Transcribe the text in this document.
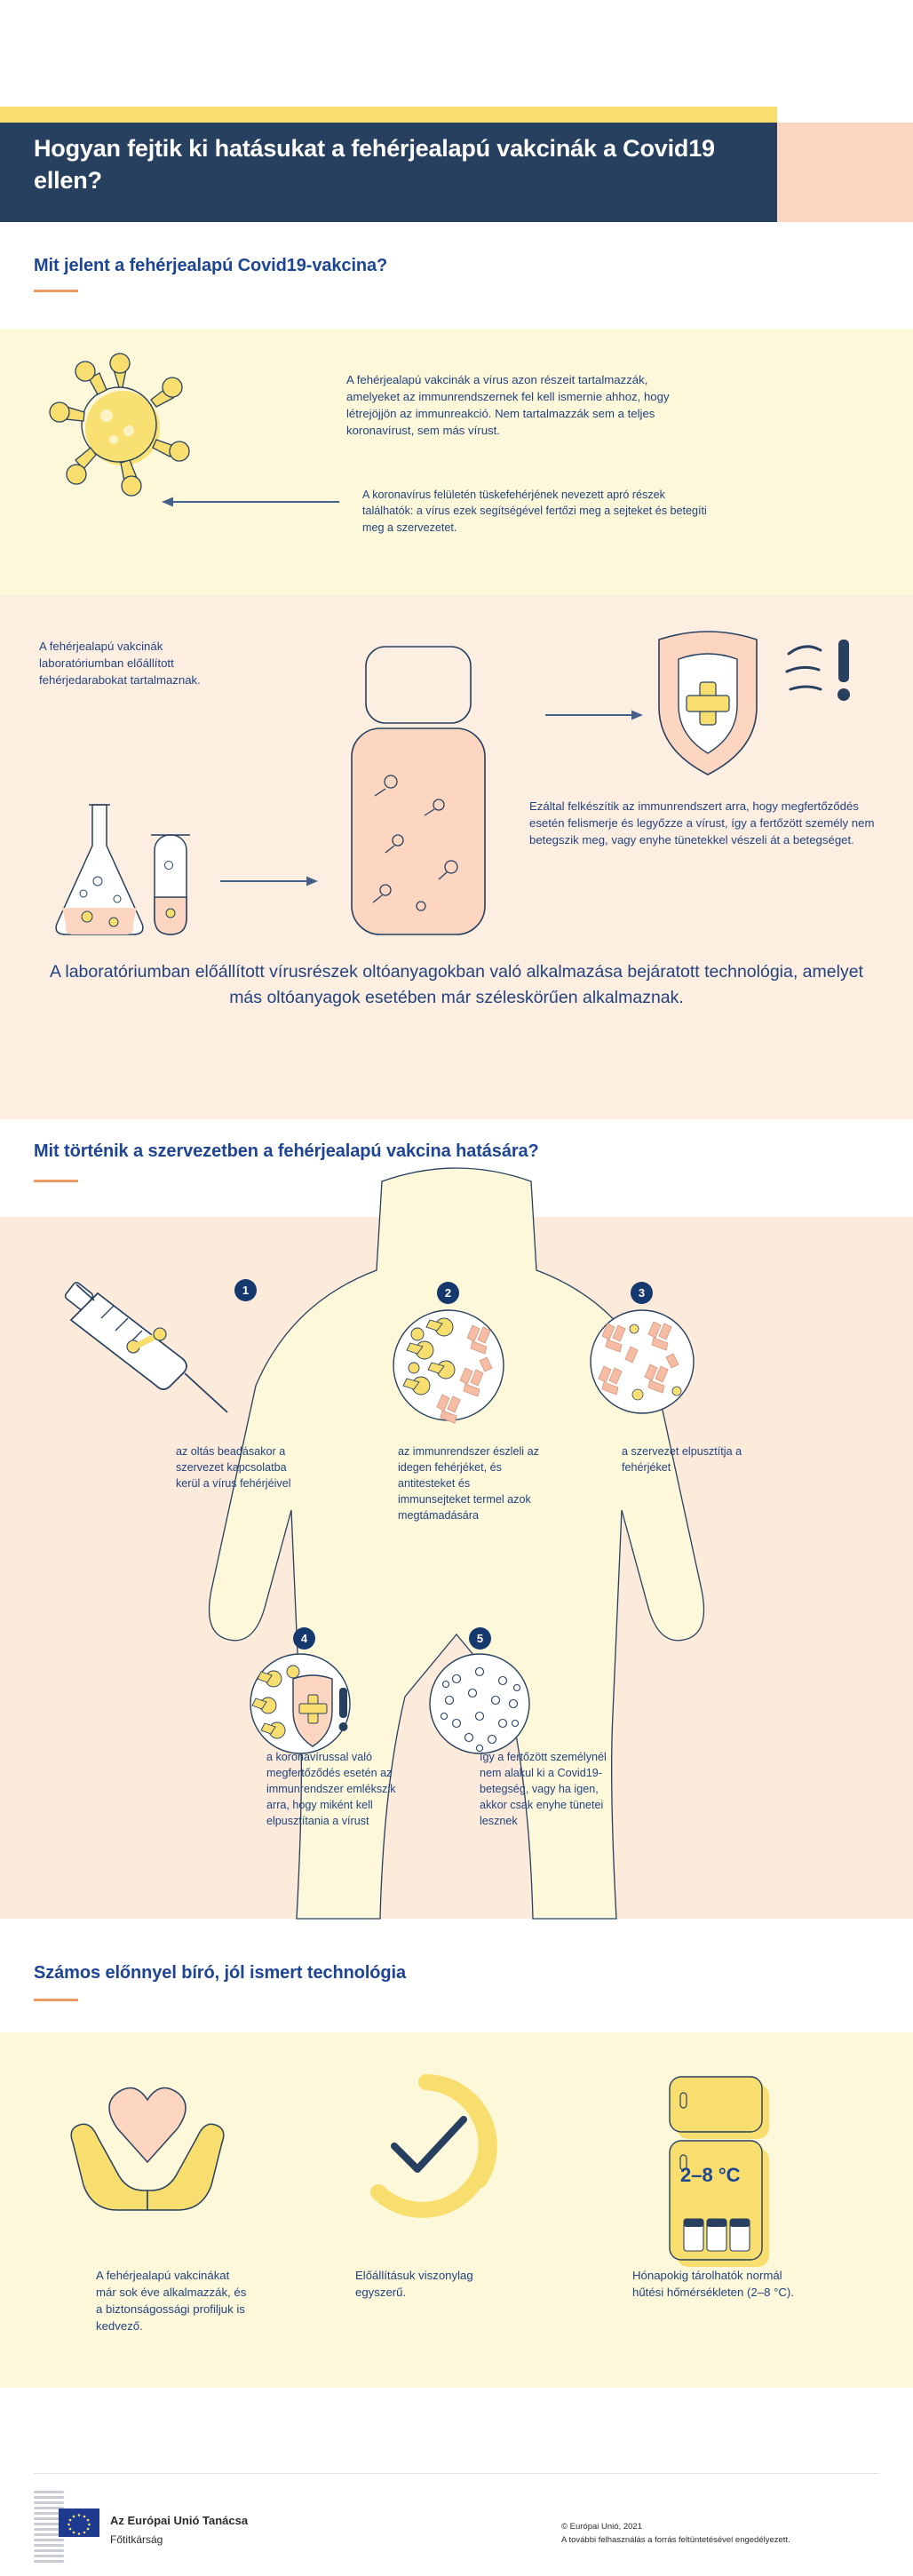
Hogyan fejtik ki hatásukat a fehérjealapú vakcinák a Covid19 ellen?
Mit jelent a fehérjealapú Covid19-vakcina?
A fehérjealapú vakcinák a vírus azon részeit tartalmazzák, amelyeket az immunrendszernek fel kell ismernie ahhoz, hogy létrejöjjön az immunreakció. Nem tartalmazzák sem a teljes koronavírust, sem más vírust.
A koronavírus felületén tüskefehérjének nevezett apró részek találhatók: a vírus ezek segítségével fertőzi meg a sejteket és betegíti meg a szervezetet.
A fehérjealapú vakcinák laboratóriumban előállított fehérjedarabokat tartalmaznak.
Ezáltal felkészítik az immunrendszert arra, hogy megfertőződés esetén felismerje és legyőzze a vírust, így a fertőzött személy nem betegszik meg, vagy enyhe tünetekkel vészeli át a betegséget.
A laboratóriumban előállított vírusrészek oltóanyagokban való alkalmazása bejáratott technológia, amelyet más oltóanyagok esetében már széleskörűen alkalmaznak.
Mit történik a szervezetben a fehérjealapú vakcina hatására?
1
az oltás beadásakor a szervezet kapcsolatba kerül a vírus fehérjéivel
2
az immunrendszer észleli az idegen fehérjéket, és antitesteket és immunsejteket termel azok megtámadására
3
a szervezet elpusztítja a fehérjéket
4
a koronavírussal való megfertőződés esetén az immunrendszer emlékszik arra, hogy miként kell elpusztítania a vírust
5
így a fertőzött személynél nem alakul ki a Covid19-betegség, vagy ha igen, akkor csak enyhe tünetei lesznek
Számos előnnyel bíró, jól ismert technológia
A fehérjealapú vakcinákat már sok éve alkalmazzák, és a biztonságossági profiljuk is kedvező.
Előállításuk viszonylag egyszerű.
2–8 °C
Hónapokig tárolhatók normál hűtési hőmérsékleten (2–8 °C).
Az Európai Unió Tanácsa
Főtitkárság
© Európai Unió, 2021
A további felhasználás a forrás feltüntetésével engedélyezett.
